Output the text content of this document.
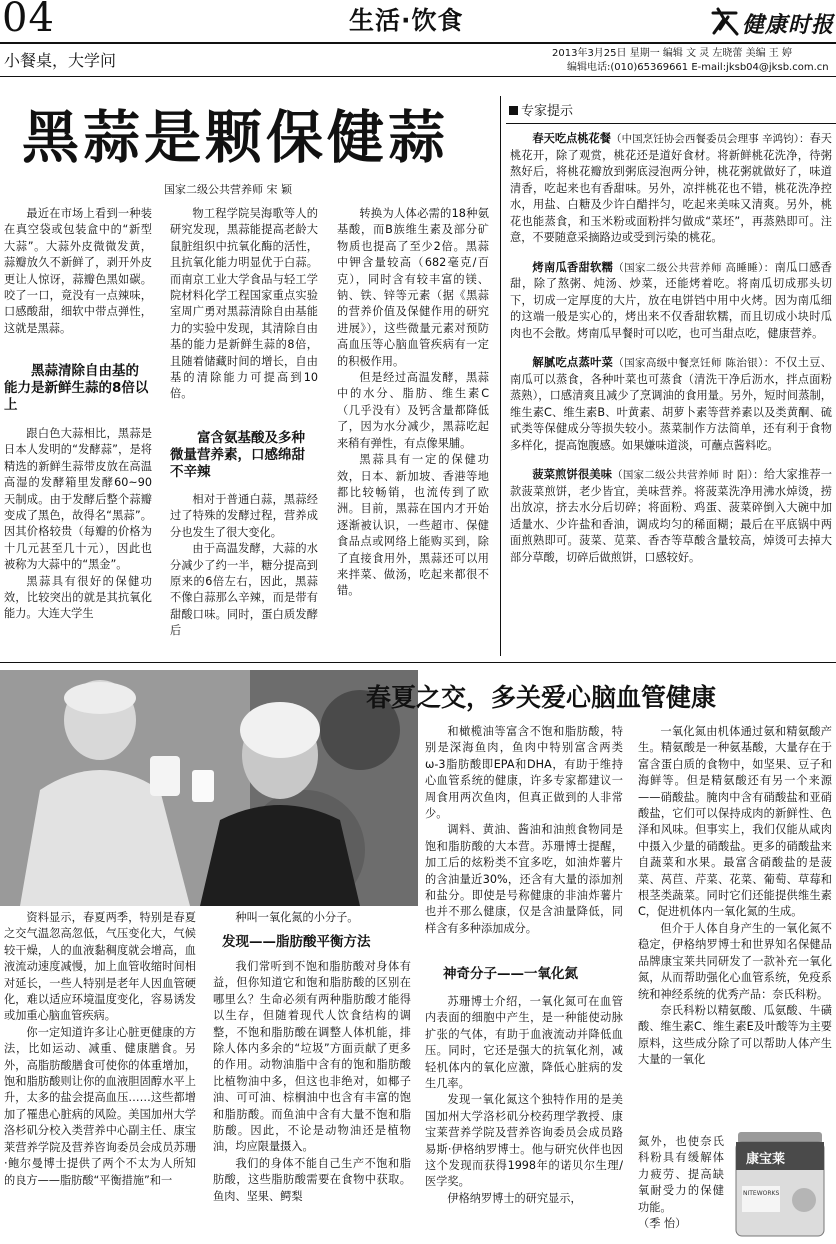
04	生活·饮食	健康时报
小餐桌，大学问	2013年3月25日 星期一 编辑 文 灵 左晓蕾 美编 王 婷
编辑电话:(010)65369661 E-mail:jksb04@jksb.com.cn
黑蒜是颗保健蒜
国家二级公共营养师 宋 颖

最近在市场上看到一种装在真空袋或包装盒中的“新型大蒜”。大蒜外皮微微发黄，蒜瓣放久不新鲜了，剥开外皮更让人惊讶，蒜瓣色黑如碳。咬了一口，竟没有一点辣味，口感酸甜，细软中带点弹性，这就是黑蒜。

黑蒜清除自由基的能力是新鲜生蒜的8倍以上

跟白色大蒜相比，黑蒜是日本人发明的“发酵蒜”，是将精选的新鲜生蒜带皮放在高温高湿的发酵箱里发酵60~90天制成。由于发酵后整个蒜瓣变成了黑色，故得名“黑蒜”。因其价格较贵（每瓣的价格为十几元甚至几十元），因此也被称为大蒜中的“黑金”。

黑蒜具有很好的保健功效，比较突出的就是其抗氧化能力。大连大学生

物工程学院吴海歌等人的研究发现，黑蒜能提高老龄大鼠脏组织中抗氧化酶的活性，且抗氧化能力明显优于白蒜。而南京工业大学食品与轻工学院材料化学工程国家重点实验室周广勇对黑蒜清除自由基能力的实验中发现，其清除自由基的能力是新鲜生蒜的8倍，且随着储藏时间的增长，自由基的清除能力可提高到10倍。

富含氨基酸及多种微量营养素，口感绵甜不辛辣

相对于普通白蒜，黑蒜经过了特殊的发酵过程，营养成分也发生了很大变化。

由于高温发酵，大蒜的水分减少了约一半，糖分提高到原来的6倍左右，因此，黑蒜不像白蒜那么辛辣，而是带有甜酸口味。同时，蛋白质发酵后

转换为人体必需的18种氨基酸，而B族维生素及部分矿物质也提高了至少2倍。黑蒜中钾含量较高（682毫克/百克），同时含有较丰富的镁、钠、铁、锌等元素（据《黑蒜的营养价值及保健作用的研究进展》），这些微量元素对预防高血压等心脑血管疾病有一定的积极作用。

但是经过高温发酵，黑蒜中的水分、脂肪、维生素C（几乎没有）及钙含量都降低了，因为水分减少，黑蒜吃起来稍有弹性，有点像果脯。

黑蒜具有一定的保健功效，日本、新加坡、香港等地都比较畅销，也流传到了欧洲。目前，黑蒜在国内才开始逐渐被认识，一些超市、保健食品点或网络上能购买到，除了直接食用外，黑蒜还可以用来拌菜、做汤，吃起来都很不错。

专家提示
春天吃点桃花餐（中国烹饪协会西餐委员会理事 辛鸿钧）：春天桃花开，除了观赏，桃花还是道好食材。将新鲜桃花洗净，待粥熬好后，将桃花瓣放到粥底浸泡两分钟，桃花粥就做好了，味道清香，吃起来也有香甜味。另外，凉拌桃花也不错，桃花洗净控水，用盐、白糖及少许白醋拌匀，吃起来美味又清爽。另外，桃花也能蒸食，和玉米粉或面粉拌匀做成“菜坯”，再蒸熟即可。注意，不要随意采摘路边或受到污染的桃花。
烤南瓜香甜软糯（国家二级公共营养师 高睡睡）：南瓜口感香甜，除了熬粥、炖汤、炒菜，还能烤着吃。将南瓜切成那头切下，切成一定厚度的大片，放在电饼铛中用中火烤。因为南瓜细的这端一般是实心的，烤出来不仅香甜软糯，而且切成小块时瓜肉也不会散。烤南瓜早餐时可以吃，也可当甜点吃，健康营养。
解腻吃点蒸叶菜（国家高级中餐烹饪师 陈治银）：不仅土豆、南瓜可以蒸食，各种叶菜也可蒸食（清洗干净后沥水，拌点面粉蒸熟），口感清爽且减少了烹调油的食用量。另外，短时间蒸制，维生素C、维生素B、叶黄素、胡萝卜素等营养素以及类黄酮、硫甙类等保健成分等损失较小。蒸菜制作方法简单，还有利于食物多样化，提高饱腹感。如果嫌味道淡，可蘸点酱料吃。
菠菜煎饼很美味（国家二级公共营养师 时 阳）：给大家推荐一款菠菜煎饼，老少皆宜，美味营养。将菠菜洗净用沸水焯烫，捞出放凉，挤去水分后切碎；将面粉、鸡蛋、菠菜碎倒入大碗中加适量水、少许盐和香油，调成均匀的稀面糊；最后在平底锅中两面煎熟即可。菠菜、苋菜、香杏等草酸含量较高，焯烫可去掉大部分草酸，切碎后做煎饼，口感较好。
春夏之交，多关爱心脑血管健康

资料显示，春夏两季，特别是春夏之交气温忽高忽低，气压变化大，气候较干燥，人的血液黏稠度就会增高，血液流动速度减慢，加上血管收缩时间相对延长，一些人特别是老年人因血管硬化，难以适应环境温度变化，容易诱发或加重心脑血管疾病。

你一定知道许多让心脏更健康的方法，比如运动、减重、健康膳食。另外，高脂肪酸膳食可使你的体重增加，饱和脂肪酸则让你的血液胆固醇水平上升，太多的盐会提高血压……这些都增加了罹患心脏病的风险。美国加州大学洛杉矶分校入类营养中心副主任、康宝莱营养学院及营养咨询委员会成员苏珊·鲍尔曼博士提供了两个不太为人所知的良方——脂肪酸“平衡措施”和一

种叫一氧化氮的小分子。

发现——脂肪酸平衡方法

我们常听到不饱和脂肪酸对身体有益，但你知道它和饱和脂肪酸的区别在哪里么？生命必须有两种脂肪酸才能得以生存，但随着现代人饮食结构的调整，不饱和脂肪酸在调整人体机能，排除人体内多余的“垃圾”方面贡献了更多的作用。动物油脂中含有的饱和脂肪酸比植物油中多，但这也非绝对，如椰子油、可可油、棕榈油中也含有丰富的饱和脂肪酸。而鱼油中含有大量不饱和脂肪酸。因此，不论是动物油还是植物油，均应限量摄入。

我们的身体不能自己生产不饱和脂肪酸，这些脂肪酸需要在食物中获取。鱼肉、坚果、鳄梨

和橄榄油等富含不饱和脂肪酸，特别是深海鱼肉，鱼肉中特别富含两类ω-3脂肪酸即EPA和DHA，有助于维持心血管系统的健康，许多专家都建议一周食用两次鱼肉，但真正做到的人非常少。

调料、黄油、酱油和油煎食物同是饱和脂肪酸的大本营。苏珊博士提醒，加工后的炫粉类不宜多吃，如油炸薯片的含油量近30%，还含有大量的添加剂和盐分。即使是号称健康的非油炸薯片也并不那么健康，仅是含油量降低，同样含有多种添加成分。

神奇分子——一氧化氮

苏珊博士介绍，一氧化氮可在血管内表面的细胞中产生，是一种能使动脉扩张的气体，有助于血液流动并降低血压。同时，它还是强大的抗氧化剂，减轻机体内的氧化应激，降低心脏病的发生几率。

发现一氧化氮这个独特作用的是美国加州大学洛杉矶分校药理学教授、康宝莱营养学院及营养咨询委员会成员路易斯·伊格纳罗博士。他与研究伙伴也因这个发现而获得1998年的诺贝尔生理/医学奖。

伊格纳罗博士的研究显示，

一氧化氮由机体通过氨和精氨酸产生。精氨酸是一种氨基酸，大量存在于富含蛋白质的食物中，如坚果、豆子和海鲜等。但是精氨酸还有另一个来源——硝酸盐。腌肉中含有硝酸盐和亚硝酸盐，它们可以保持成肉的新鲜性、色泽和风味。但事实上，我们仅能从咸肉中摄入少量的硝酸盐。更多的硝酸盐来自蔬菜和水果。最富含硝酸盐的是菠菜、莴苣、芹菜、花菜、葡萄、草莓和根茎类蔬菜。同时它们还能提供维生素C，促进机体内一氧化氮的生成。

但介于人体自身产生的一氧化氮不稳定，伊格纳罗博士和世界知名保健品品牌康宝莱共同研发了一款补充一氧化氮，从而帮助强化心血管系统，免疫系统和神经系统的优秀产品：奈氏科粉。

奈氏科粉以精氨酸、瓜氨酸、牛磺酸、维生素C、维生素E及叶酸等为主要原料，这些成分除了可以帮助人体产生大量的一氧化

氮外，也使奈氏科粉具有缓解体力疲劳、提高缺氧耐受力的保健功能。

（季 怡）

康宝莱
NITEWORKS
